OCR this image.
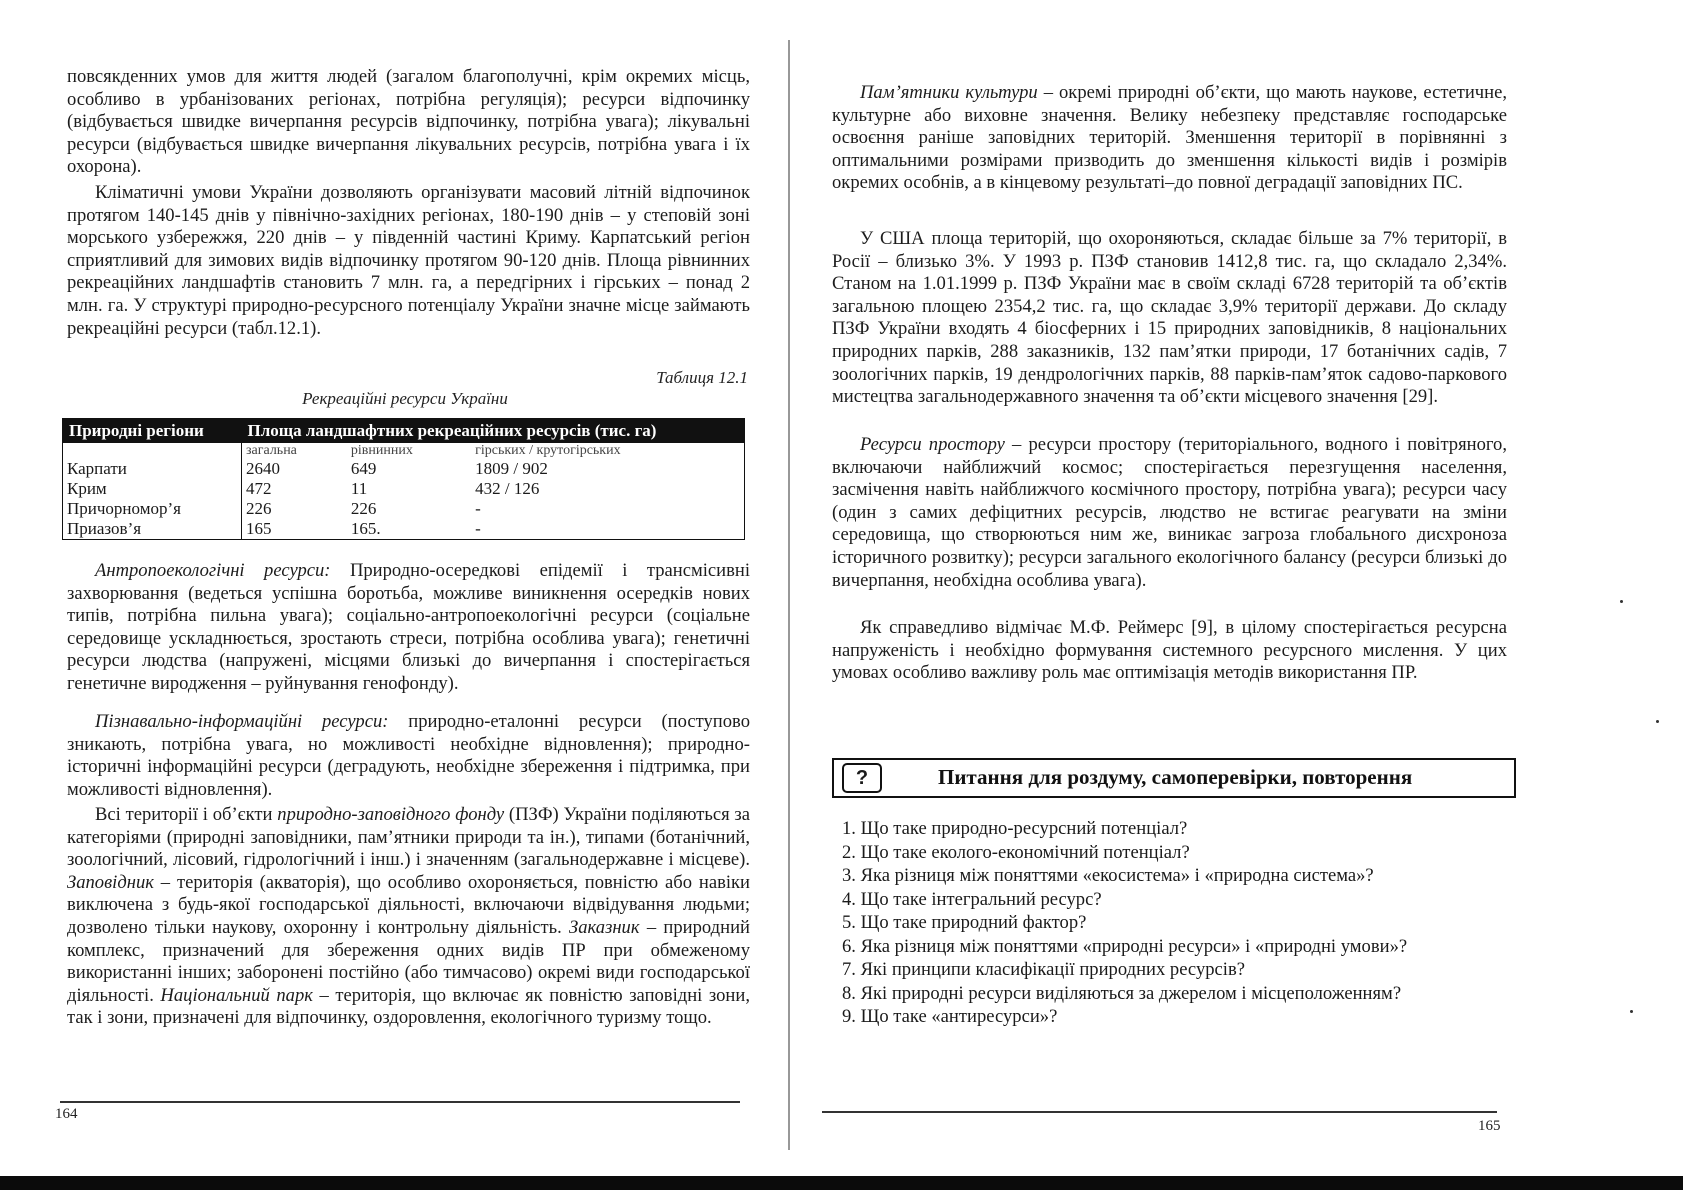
повсякденних умов для життя людей (загалом благополучні, крім окремих місць, особливо в урбанізованих регіонах, потрібна регуляція); ресурси відпочинку (відбувається швидке вичерпання ресурсів відпочинку, потрібна увага); лікувальні ресурси (відбувається швидке вичерпання лікувальних ресурсів, потрібна увага і їх охорона).

Кліматичні умови України дозволяють організувати масовий літній відпочинок протягом 140-145 днів у північно-західних регіонах, 180-190 днів – у степовій зоні морського узбережжя, 220 днів – у південній частині Криму. Карпатський регіон сприятливий для зимових видів відпочинку протягом 90-120 днів. Площа рівнинних рекреаційних ландшафтів становить 7 млн. га, а передгірних і гірських – понад 2 млн. га. У структурі природно-ресурсного потенціалу України значне місце займають рекреаційні ресурси (табл.12.1).

Таблиця 12.1
Рекреаційні ресурси України
Природні регіони	Площа ландшафтних рекреаційних ресурсів (тис. га)		
	загальна	рівнинних	гірських / крутогірських
Карпати	2640	649	1809 / 902
Крим	472	11	432 / 126
Причорномор’я	226	226	-
Приазов’я	165	165.	-

Антропоекологічні ресурси: Природно-осередкові епідемії і трансмісивні захворювання (ведеться успішна боротьба, можливе виникнення осередків нових типів, потрібна пильна увага); соціально-антропоекологічні ресурси (соціальне середовище ускладнюється, зростають стреси, потрібна особлива увага); генетичні ресурси людства (напружені, місцями близькі до вичерпання і спостерігається генетичне виродження – руйнування генофонду).

Пізнавально-інформаційні ресурси: природно-еталонні ресурси (поступово зникають, потрібна увага, но можливості необхідне відновлення); природно-історичні інформаційні ресурси (деградують, необхідне збереження і підтримка, при можливості відновлення).

Всі території і об’єкти природно-заповідного фонду (ПЗФ) України поділяються за категоріями (природні заповідники, пам’ятники природи та ін.), типами (ботанічний, зоологічний, лісовий, гідрологічний і інш.) і значенням (загальнодержавне і місцеве). Заповідник – територія (акваторія), що особливо охороняється, повністю або навіки виключена з будь-якої господарської діяльності, включаючи відвідування людьми; дозволено тільки наукову, охоронну і контрольну діяльність. Заказник – природний комплекс, призначений для збереження одних видів ПР при обмеженому використанні інших; заборонені постійно (або тимчасово) окремі види господарської діяльності. Національний парк – територія, що включає як повністю заповідні зони, так і зони, призначені для відпочинку, оздоровлення, екологічного туризму тощо.

164

Пам’ятники культури – окремі природні об’єкти, що мають наукове, естетичне, культурне або виховне значення. Велику небезпеку представляє господарське освоєння раніше заповідних територій. Зменшення території в порівнянні з оптимальними розмірами призводить до зменшення кількості видів і розмірів окремих особнів, а в кінцевому результаті–до повної деградації заповідних ПС.

У США площа територій, що охороняються, складає більше за 7% території, в Росії – близько 3%. У 1993 р. ПЗФ становив 1412,8 тис. га, що складало 2,34%. Станом на 1.01.1999 р. ПЗФ України має в своїм складі 6728 територій та об’єктів загальною площею 2354,2 тис. га, що складає 3,9% території держави. До складу ПЗФ України входять 4 біосферних і 15 природних заповідників, 8 національних природних парків, 288 заказників, 132 пам’ятки природи, 17 ботанічних садів, 7 зоологічних парків, 19 дендрологічних парків, 88 парків-пам’яток садово-паркового мистецтва загальнодержавного значення та об’єкти місцевого значення [29].

Ресурси простору – ресурси простору (територіального, водного і повітряного, включаючи найближчий космос; спостерігається перезгущення населення, засмічення навіть найближчого космічного простору, потрібна увага); ресурси часу (один з самих дефіцитних ресурсів, людство не встигає реагувати на зміни середовища, що створюються ним же, виникає загроза глобального дисхроноза історичного розвитку); ресурси загального екологічного балансу (ресурси близькі до вичерпання, необхідна особлива увага).

Як справедливо відмічає М.Ф. Реймерс [9], в цілому спостерігається ресурсна напруженість і необхідно формування системного ресурсного мислення. У цих умовах особливо важливу роль має оптимізація методів використання ПР.

?	Питання для роздуму, самоперевірки, повторення
1. Що таке природно-ресурсний потенціал?
2. Що таке еколого-економічний потенціал?
3. Яка різниця між поняттями «екосистема» і «природна система»?
4. Що таке інтегральний ресурс?
5. Що таке природний фактор?
6. Яка різниця між поняттями «природні ресурси» і «природні умови»?
7. Які принципи класифікації природних ресурсів?
8. Які природні ресурси виділяються за джерелом і місцеположенням?
9. Що таке «антиресурси»?
165
